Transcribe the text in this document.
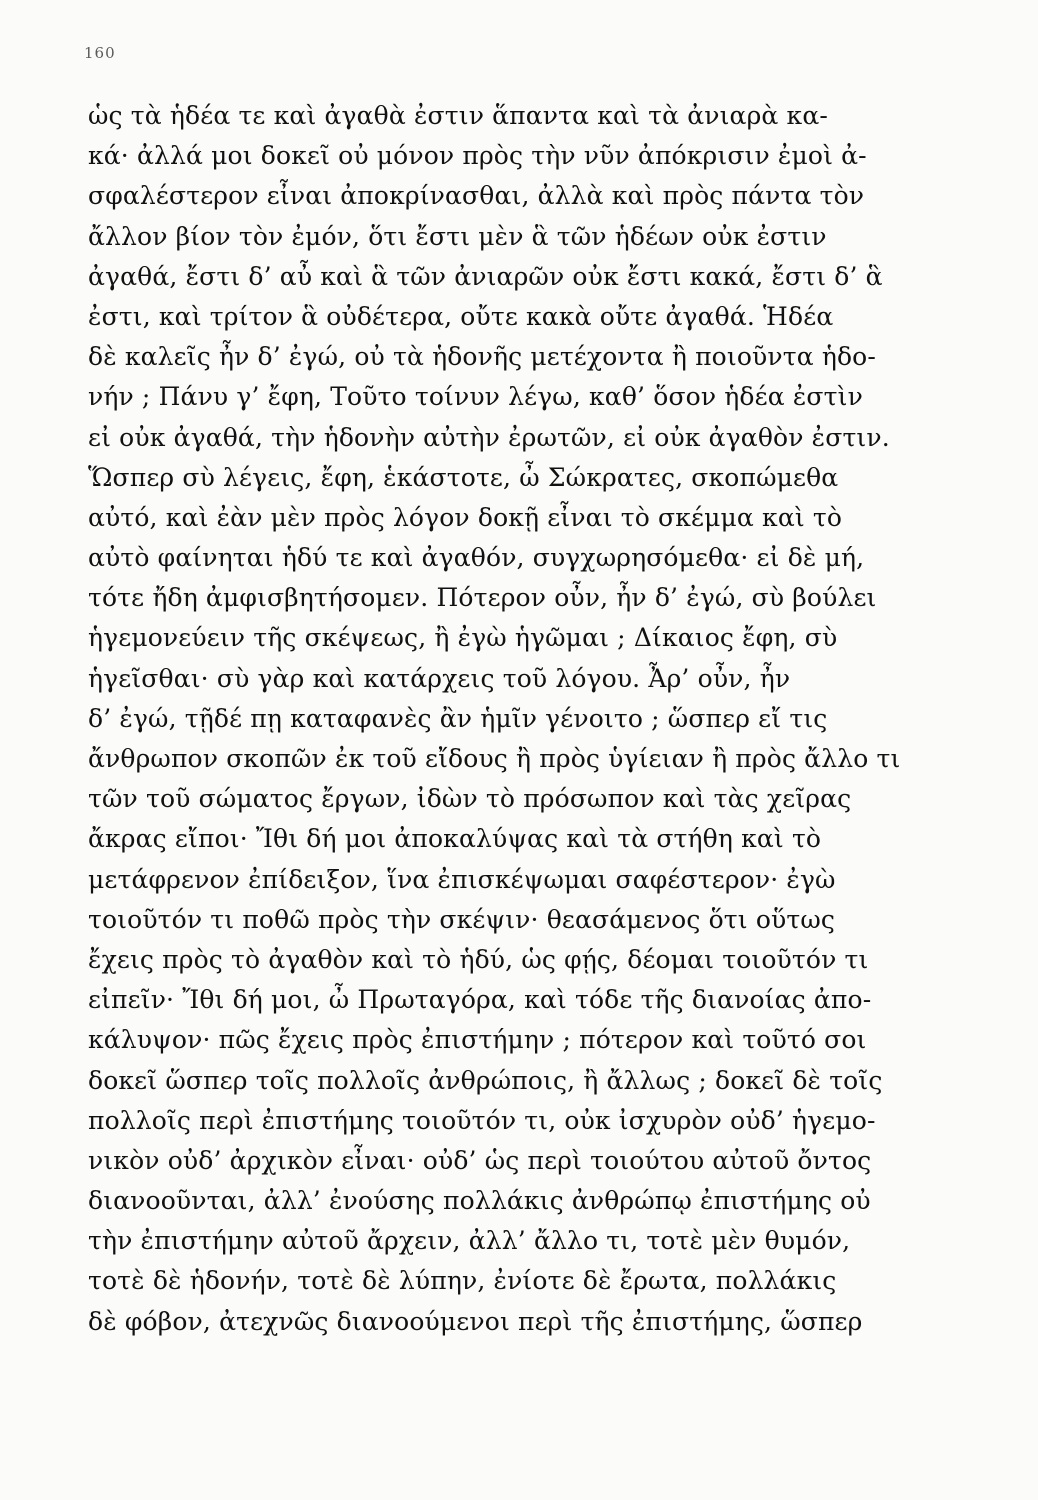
160
ὡς τὰ ἡδέα τε καὶ ἀγαθὰ ἐστιν ἅπαντα καὶ τὰ ἀνιαρὰ κα-
κά· ἀλλά μοι δοκεῖ οὐ μόνον πρὸς τὴν νῦν ἀπόκρισιν ἐμοὶ ἀ-
σφαλέστερον εἶναι ἀποκρίνασθαι, ἀλλὰ καὶ πρὸς πάντα τὸν
ἄλλον βίον τὸν ἐμόν, ὅτι ἔστι μὲν ἃ τῶν ἡδέων οὐκ ἐστιν
ἀγαθά, ἔστι δ’ αὖ καὶ ἃ τῶν ἀνιαρῶν οὐκ ἔστι κακά, ἔστι δ’ ἃ
ἐστι, καὶ τρίτον ἃ οὐδέτερα, οὔτε κακὰ οὔτε ἀγαθά. Ἡδέα
δὲ καλεῖς ἦν δ’ ἐγώ, οὐ τὰ ἡδονῆς μετέχοντα ἢ ποιοῦντα ἡδο-
νήν ; Πάνυ γ’ ἔφη, Τοῦτο τοίνυν λέγω, καθ’ ὅσον ἡδέα ἐστὶν
εἰ οὐκ ἀγαθά, τὴν ἡδονὴν αὐτὴν ἐρωτῶν, εἰ οὐκ ἀγαθὸν ἐστιν.
Ὥσπερ σὺ λέγεις, ἔφη, ἑκάστοτε, ὦ Σώκρατες, σκοπώμεθα
αὐτό, καὶ ἐὰν μὲν πρὸς λόγον δοκῇ εἶναι τὸ σκέμμα καὶ τὸ
αὐτὸ φαίνηται ἡδύ τε καὶ ἀγαθόν, συγχωρησόμεθα· εἰ δὲ μή,
τότε ἤδη ἀμφισβητήσομεν. Πότερον οὖν, ἦν δ’ ἐγώ, σὺ βούλει
ἡγεμονεύειν τῆς σκέψεως, ἢ ἐγὼ ἡγῶμαι ; Δίκαιος ἔφη, σὺ
ἡγεῖσθαι· σὺ γὰρ καὶ κατάρχεις τοῦ λόγου. Ἆρ’ οὖν, ἦν
δ’ ἐγώ, τῇδέ πῃ καταφανὲς ἂν ἡμῖν γένοιτο ; ὥσπερ εἴ τις
ἄνθρωπον σκοπῶν ἐκ τοῦ εἴδους ἢ πρὸς ὑγίειαν ἢ πρὸς ἄλλο τι
τῶν τοῦ σώματος ἔργων, ἰδὼν τὸ πρόσωπον καὶ τὰς χεῖρας
ἄκρας εἴποι· Ἴθι δή μοι ἀποκαλύψας καὶ τὰ στήθη καὶ τὸ
μετάφρενον ἐπίδειξον, ἵνα ἐπισκέψωμαι σαφέστερον· ἐγὼ
τοιοῦτόν τι ποθῶ πρὸς τὴν σκέψιν· θεασάμενος ὅτι οὕτως
ἔχεις πρὸς τὸ ἀγαθὸν καὶ τὸ ἡδύ, ὡς φῄς, δέομαι τοιοῦτόν τι
εἰπεῖν· Ἴθι δή μοι, ὦ Πρωταγόρα, καὶ τόδε τῆς διανοίας ἀπο-
κάλυψον· πῶς ἔχεις πρὸς ἐπιστήμην ; πότερον καὶ τοῦτό σοι
δοκεῖ ὥσπερ τοῖς πολλοῖς ἀνθρώποις, ἢ ἄλλως ; δοκεῖ δὲ τοῖς
πολλοῖς περὶ ἐπιστήμης τοιοῦτόν τι, οὐκ ἰσχυρὸν οὐδ’ ἡγεμο-
νικὸν οὐδ’ ἀρχικὸν εἶναι· οὐδ’ ὡς περὶ τοιούτου αὐτοῦ ὄντος
διανοοῦνται, ἀλλ’ ἐνούσης πολλάκις ἀνθρώπῳ ἐπιστήμης οὐ
τὴν ἐπιστήμην αὐτοῦ ἄρχειν, ἀλλ’ ἄλλο τι, τοτὲ μὲν θυμόν,
τοτὲ δὲ ἡδονήν, τοτὲ δὲ λύπην, ἐνίοτε δὲ ἔρωτα, πολλάκις
δὲ φόβον, ἀτεχνῶς διανοούμενοι περὶ τῆς ἐπιστήμης, ὥσπερ
